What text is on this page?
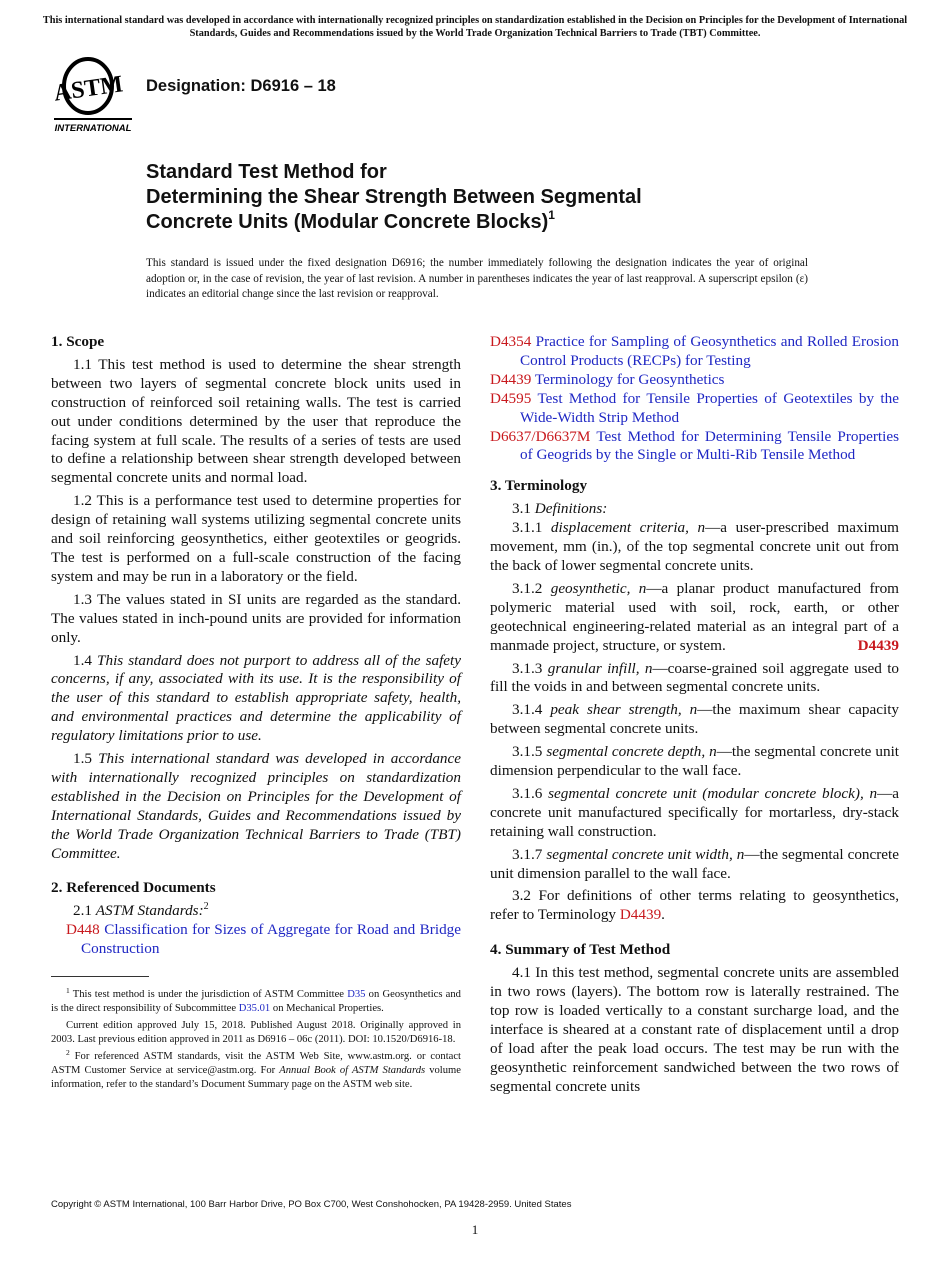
This international standard was developed in accordance with internationally recognized principles on standardization established in the Decision on Principles for the Development of International Standards, Guides and Recommendations issued by the World Trade Organization Technical Barriers to Trade (TBT) Committee.
ASTM
INTERNATIONAL
Designation: D6916 – 18
Standard Test Method for
Determining the Shear Strength Between Segmental
Concrete Units (Modular Concrete Blocks)$^1$
This standard is issued under the fixed designation D6916; the number immediately following the designation indicates the year of original adoption or, in the case of revision, the year of last revision. A number in parentheses indicates the year of last reapproval. A superscript epsilon (ε) indicates an editorial change since the last revision or reapproval.
1. Scope

1.1 This test method is used to determine the shear strength between two layers of segmental concrete block units used in construction of reinforced soil retaining walls. The test is carried out under conditions determined by the user that reproduce the facing system at full scale. The results of a series of tests are used to define a relationship between shear strength developed between segmental concrete units and normal load.

1.2 This is a performance test used to determine properties for design of retaining wall systems utilizing segmental concrete units and soil reinforcing geosynthetics, either geotextiles or geogrids. The test is performed on a full-scale construction of the facing system and may be run in a laboratory or the field.

1.3 The values stated in SI units are regarded as the standard. The values stated in inch-pound units are provided for information only.

1.4 This standard does not purport to address all of the safety concerns, if any, associated with its use. It is the responsibility of the user of this standard to establish appropriate safety, health, and environmental practices and determine the applicability of regulatory limitations prior to use.

1.5 This international standard was developed in accordance with internationally recognized principles on standardization established in the Decision on Principles for the Development of International Standards, Guides and Recommendations issued by the World Trade Organization Technical Barriers to Trade (TBT) Committee.

2. Referenced Documents

2.1 ASTM Standards:$^2$

D448 Classification for Sizes of Aggregate for Road and Bridge Construction

$^1$ This test method is under the jurisdiction of ASTM Committee D35 on Geosynthetics and is the direct responsibility of Subcommittee D35.01 on Mechanical Properties.

Current edition approved July 15, 2018. Published August 2018. Originally approved in 2003. Last previous edition approved in 2011 as D6916 – 06c (2011). DOI: 10.1520/D6916-18.

$^2$ For referenced ASTM standards, visit the ASTM Web Site, www.astm.org. or contact ASTM Customer Service at service@astm.org. For Annual Book of ASTM Standards volume information, refer to the standard’s Document Summary page on the ASTM web site.

D4354 Practice for Sampling of Geosynthetics and Rolled Erosion Control Products (RECPs) for Testing

D4439 Terminology for Geosynthetics

D4595 Test Method for Tensile Properties of Geotextiles by the Wide-Width Strip Method

D6637/D6637M Test Method for Determining Tensile Properties of Geogrids by the Single or Multi-Rib Tensile Method

3. Terminology

3.1 Definitions:

3.1.1 displacement criteria, n—a user-prescribed maximum movement, mm (in.), of the top segmental concrete unit out from the back of lower segmental concrete units.

3.1.2 geosynthetic, n—a planar product manufactured from polymeric material used with soil, rock, earth, or other geotechnical engineering-related material as an integral part of a manmade project, structure, or system.	D4439

3.1.3 granular infill, n—coarse-grained soil aggregate used to fill the voids in and between segmental concrete units.

3.1.4 peak shear strength, n—the maximum shear capacity between segmental concrete units.

3.1.5 segmental concrete depth, n—the segmental concrete unit dimension perpendicular to the wall face.

3.1.6 segmental concrete unit (modular concrete block), n—a concrete unit manufactured specifically for mortarless, dry-stack retaining wall construction.

3.1.7 segmental concrete unit width, n—the segmental concrete unit dimension parallel to the wall face.

3.2 For definitions of other terms relating to geosynthetics, refer to Terminology D4439.

4. Summary of Test Method

4.1 In this test method, segmental concrete units are assembled in two rows (layers). The bottom row is laterally restrained. The top row is loaded vertically to a constant surcharge load, and the interface is sheared at a constant rate of displacement until a drop of load after the peak load occurs. The test may be run with the geosynthetic reinforcement sandwiched between the two rows of segmental concrete units

Copyright © ASTM International, 100 Barr Harbor Drive, PO Box C700, West Conshohocken, PA 19428-2959. United States
1
